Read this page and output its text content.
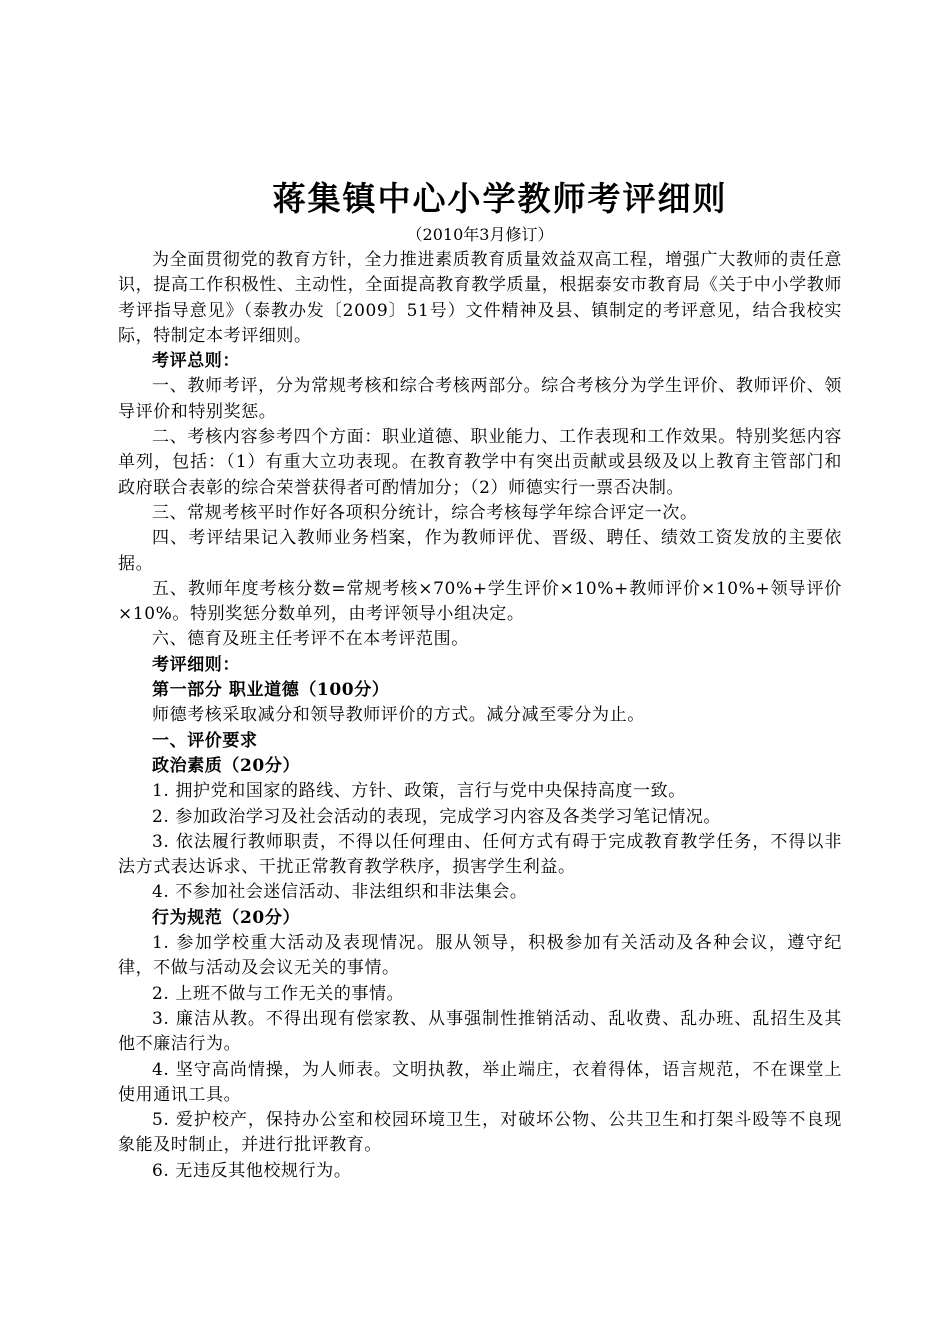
蒋集镇中心小学教师考评细则

（2010年3月修订）

为全面贯彻党的教育方针，全力推进素质教育质量效益双高工程，增强广大教师的责任意识，提高工作积极性、主动性，全面提高教育教学质量，根据泰安市教育局《关于中小学教师考评指导意见》（泰教办发〔2009〕51号）文件精神及县、镇制定的考评意见，结合我校实际，特制定本考评细则。

考评总则：

一、教师考评，分为常规考核和综合考核两部分。综合考核分为学生评价、教师评价、领导评价和特别奖惩。

二、考核内容参考四个方面：职业道德、职业能力、工作表现和工作效果。特别奖惩内容单列，包括：（1）有重大立功表现。在教育教学中有突出贡献或县级及以上教育主管部门和政府联合表彰的综合荣誉获得者可酌情加分；（2）师德实行一票否决制。

三、常规考核平时作好各项积分统计，综合考核每学年综合评定一次。

四、考评结果记入教师业务档案，作为教师评优、晋级、聘任、绩效工资发放的主要依据。

五、教师年度考核分数=常规考核×70%+学生评价×10%+教师评价×10%+领导评价×10%。特别奖惩分数单列，由考评领导小组决定。

六、德育及班主任考评不在本考评范围。

考评细则：

第一部分 职业道德（100分）

师德考核采取减分和领导教师评价的方式。减分减至零分为止。

一、评价要求

政治素质（20分）

1. 拥护党和国家的路线、方针、政策，言行与党中央保持高度一致。

2. 参加政治学习及社会活动的表现，完成学习内容及各类学习笔记情况。

3. 依法履行教师职责，不得以任何理由、任何方式有碍于完成教育教学任务，不得以非法方式表达诉求、干扰正常教育教学秩序，损害学生利益。

4. 不参加社会迷信活动、非法组织和非法集会。

行为规范（20分）

1. 参加学校重大活动及表现情况。服从领导，积极参加有关活动及各种会议，遵守纪律，不做与活动及会议无关的事情。

2. 上班不做与工作无关的事情。

3. 廉洁从教。不得出现有偿家教、从事强制性推销活动、乱收费、乱办班、乱招生及其他不廉洁行为。

4. 坚守高尚情操，为人师表。文明执教，举止端庄，衣着得体，语言规范，不在课堂上使用通讯工具。

5. 爱护校产，保持办公室和校园环境卫生，对破坏公物、公共卫生和打架斗殴等不良现象能及时制止，并进行批评教育。

6. 无违反其他校规行为。
